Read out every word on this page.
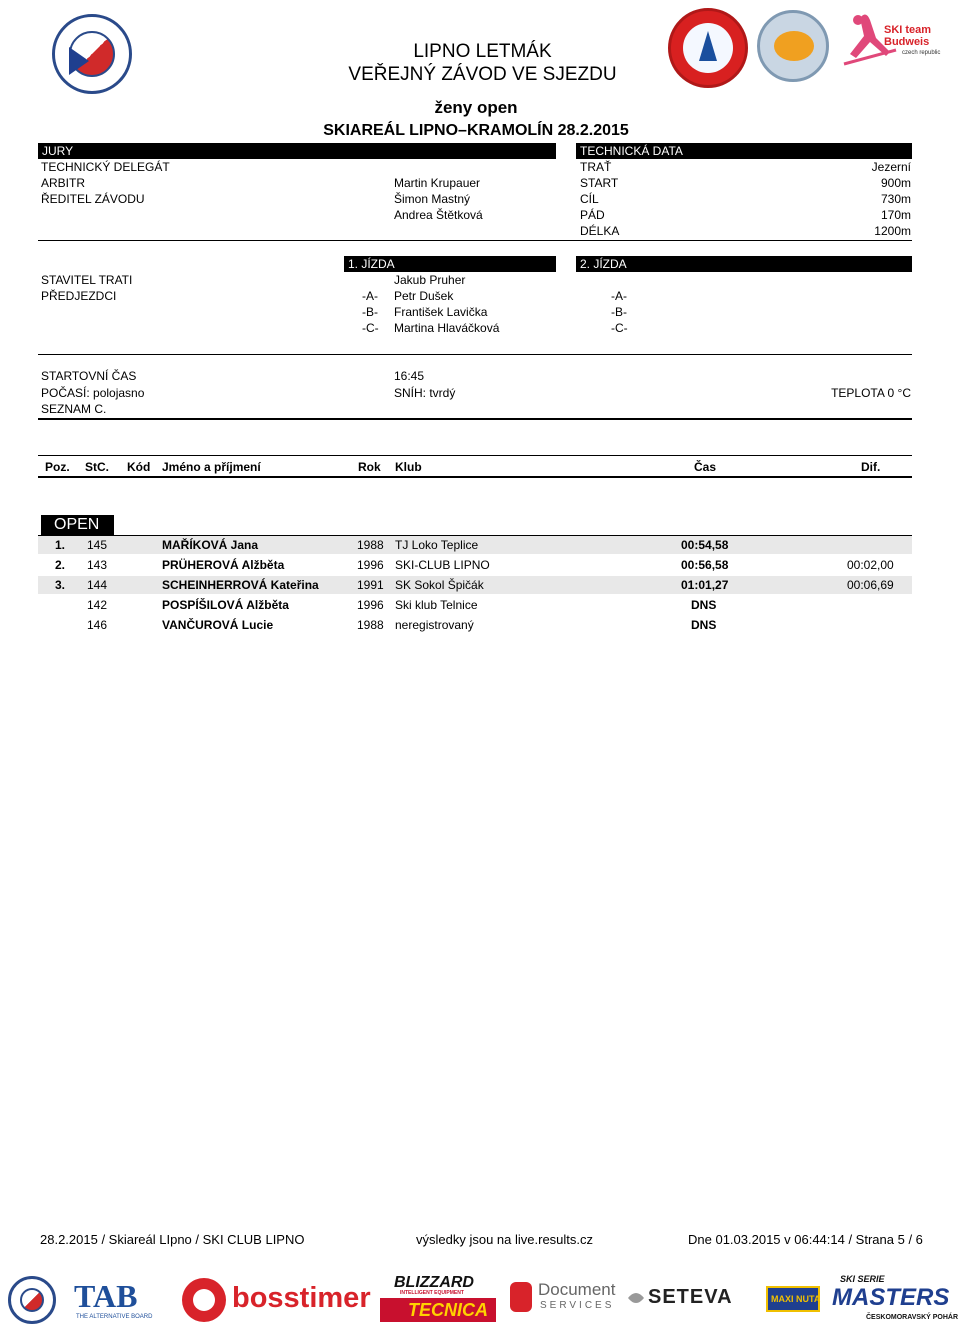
SKI team Budweis
czech republic
LIPNO LETMÁK
VEŘEJNÝ ZÁVOD VE SJEZDU
ženy open
SKIAREÁL LIPNO–KRAMOLÍN 28.2.2015
JURY	TECHNICKÁ DATA
TECHNICKÝ DELEGÁT
ARBITR	Martin Krupauer
ŘEDITEL ZÁVODU	Šimon Mastný
Andrea Štětková
TRAŤ	Jezerní
START	900m
CÍL	730m
PÁD	170m
DÉLKA	1200m
1. JÍZDA	2. JÍZDA
STAVITEL TRATI	Jakub Pruher
PŘEDJEZDCI	-A- Petr Dušek	-A-
-B- František Lavička	-B-
-C- Martina Hlaváčková	-C-
STARTOVNÍ ČAS	16:45
POČASÍ: polojasno	SNÍH: tvrdý	TEPLOTA 0 °C
SEZNAM C.
Poz. StC. Kód Jméno a příjmení	Rok Klub	Čas	Dif.
OPEN
1. 145	MAŘÍKOVÁ Jana	1988 TJ Loko Teplice	00:54,58
2. 143	PRÜHEROVÁ Alžběta	1996 SKI-CLUB LIPNO	00:56,58	00:02,00
3. 144	SCHEINHERROVÁ Kateřina	1991 SK Sokol Špičák	01:01,27	00:06,69
142	POSPÍŠILOVÁ Alžběta	1996 Ski klub Telnice	DNS
146	VANČUROVÁ Lucie	1988 neregistrovaný	DNS
28.2.2015 / Skiareál LIpno / SKI CLUB LIPNO	výsledky jsou na live.results.cz	Dne 01.03.2015 v 06:44:14 / Strana 5 / 6
TAB
THE ALTERNATIVE BOARD
bosstimer BLIZZARD
INTELLIGENT EQUIPMENT
TECNICA
Document
SERVICES SETEVA	MAXI NUTA
SKI SERIE
MASTERS
ČESKOMORAVSKÝ POHÁR
